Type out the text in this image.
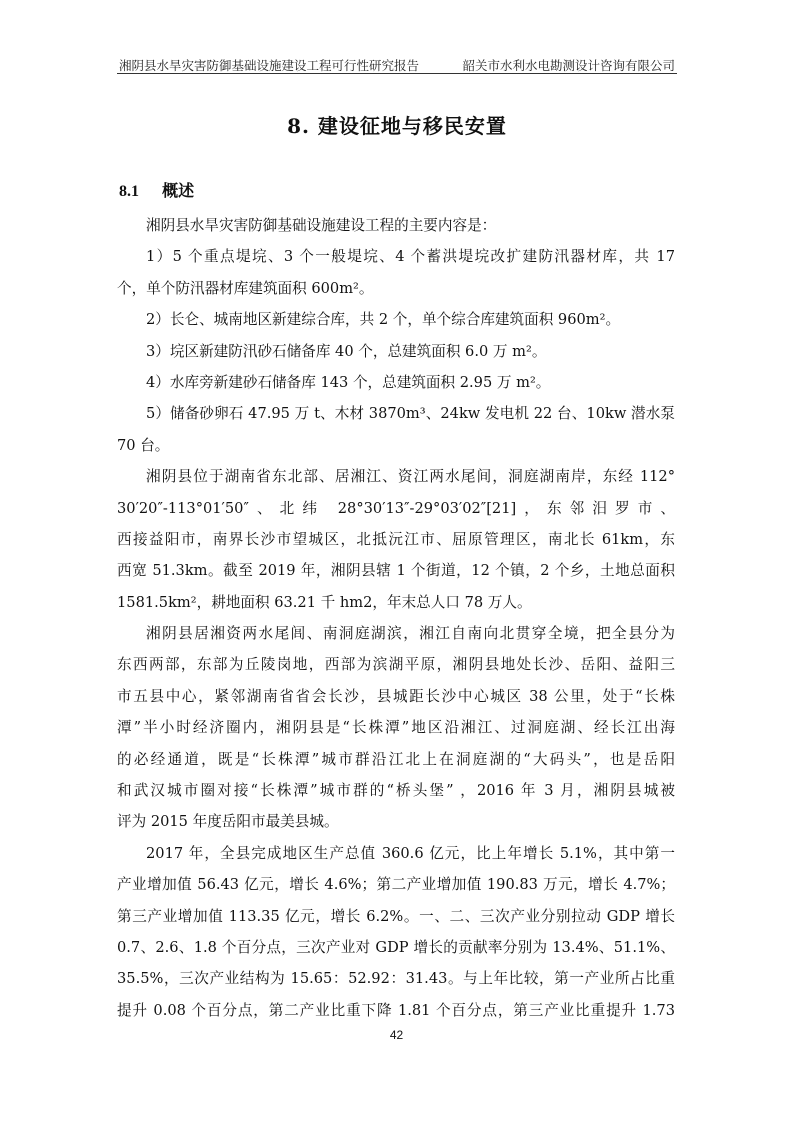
湘阴县水旱灾害防御基础设施建设工程可行性研究报告	韶关市水利水电勘测设计咨询有限公司
8. 建设征地与移民安置
8.1 概述
湘阴县水旱灾害防御基础设施建设工程的主要内容是：
1）5 个重点堤垸、3 个一般堤垸、4 个蓄洪堤垸改扩建防汛器材库，共 17
个，单个防汛器材库建筑面积 600m²。
2）长仑、城南地区新建综合库，共 2 个，单个综合库建筑面积 960m²。
3）垸区新建防汛砂石储备库 40 个，总建筑面积 6.0 万 m²。
4）水库旁新建砂石储备库 143 个，总建筑面积 2.95 万 m²。
5）储备砂卵石 47.95 万 t、木材 3870m³、24kw 发电机 22 台、10kw 潜水泵
70 台。
湘阴县位于湖南省东北部、居湘江、资江两水尾间，洞庭湖南岸，东经 112°
30′20″-113°01′50″、北纬 28°30′13″-29°03′02″[21]，东邻汨罗市、
西接益阳市，南界长沙市望城区，北抵沅江市、屈原管理区，南北长 61km，东
西宽 51.3km。截至 2019 年，湘阴县辖 1 个街道，12 个镇，2 个乡，土地总面积
1581.5km²，耕地面积 63.21 千 hm2，年末总人口 78 万人。
湘阴县居湘资两水尾闾、南洞庭湖滨，湘江自南向北贯穿全境，把全县分为
东西两部，东部为丘陵岗地，西部为滨湖平原，湘阴县地处长沙、岳阳、益阳三
市五县中心，紧邻湖南省省会长沙，县城距长沙中心城区 38 公里，处于“长株
潭”半小时经济圈内，湘阴县是“长株潭”地区沿湘江、过洞庭湖、经长江出海
的必经通道，既是“长株潭”城市群沿江北上在洞庭湖的“大码头”，也是岳阳
和武汉城市圈对接“长株潭”城市群的“桥头堡” ，2016 年 3 月，湘阴县城被
评为 2015 年度岳阳市最美县城。
2017 年，全县完成地区生产总值 360.6 亿元，比上年增长 5.1%，其中第一
产业增加值 56.43 亿元，增长 4.6%；第二产业增加值 190.83 万元，增长 4.7%；
第三产业增加值 113.35 亿元，增长 6.2%。一、二、三次产业分别拉动 GDP 增长
0.7、2.6、1.8 个百分点，三次产业对 GDP 增长的贡献率分别为 13.4%、51.1%、
35.5%，三次产业结构为 15.65：52.92：31.43。与上年比较，第一产业所占比重
提升 0.08 个百分点，第二产业比重下降 1.81 个百分点，第三产业比重提升 1.73
42
